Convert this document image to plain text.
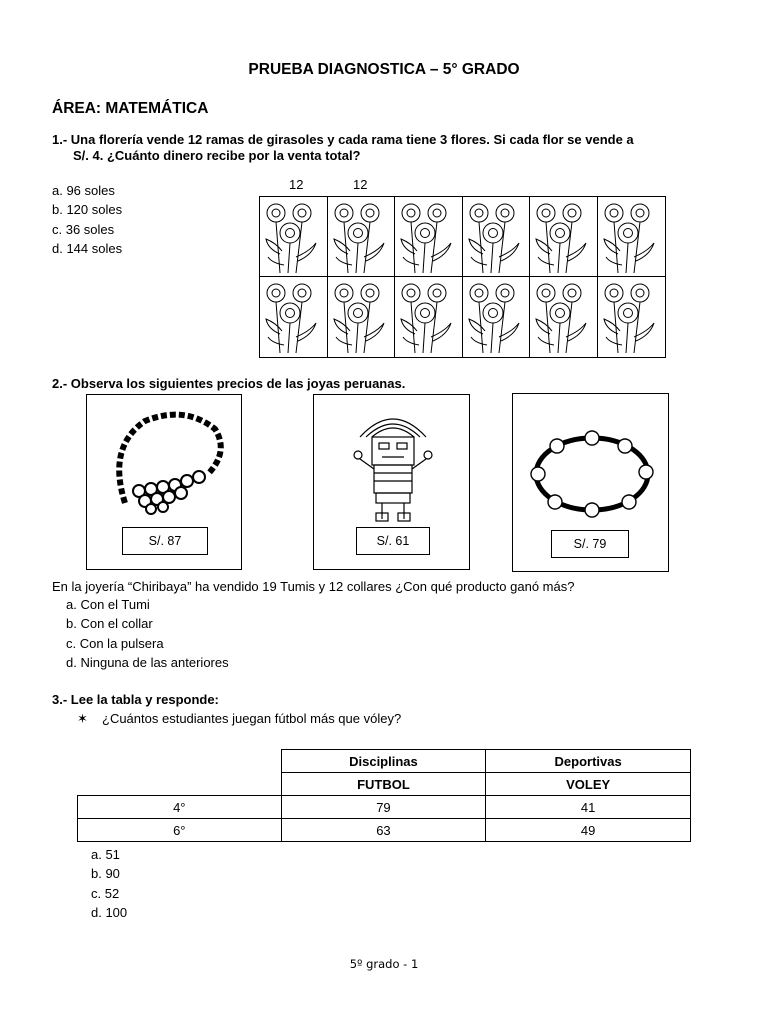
PRUEBA DIAGNOSTICA – 5° GRADO
ÁREA: MATEMÁTICA
1.- Una florería vende 12 ramas de girasoles y cada rama tiene 3 flores. Si cada flor se vende a
S/. 4. ¿Cuánto dinero recibe por la venta total?
a. 96 soles
b. 120 soles
c. 36 soles
d. 144 soles
12	12
2.- Observa los siguientes precios de las joyas peruanas.
S/. 87	S/. 61	S/. 79
En la joyería “Chiribaya” ha vendido 19 Tumis y 12 collares ¿Con qué producto ganó más?
a. Con el Tumi
b. Con el collar
c. Con la pulsera
d. Ninguna de las anteriores
3.- Lee la tabla y responde:
✶ ¿Cuántos estudiantes juegan fútbol más que vóley?
	Disciplinas	Deportivas
	FUTBOL	VOLEY
4°	79	41
6°	63	49
a. 51
b. 90
c. 52
d. 100
5º grado - 1
